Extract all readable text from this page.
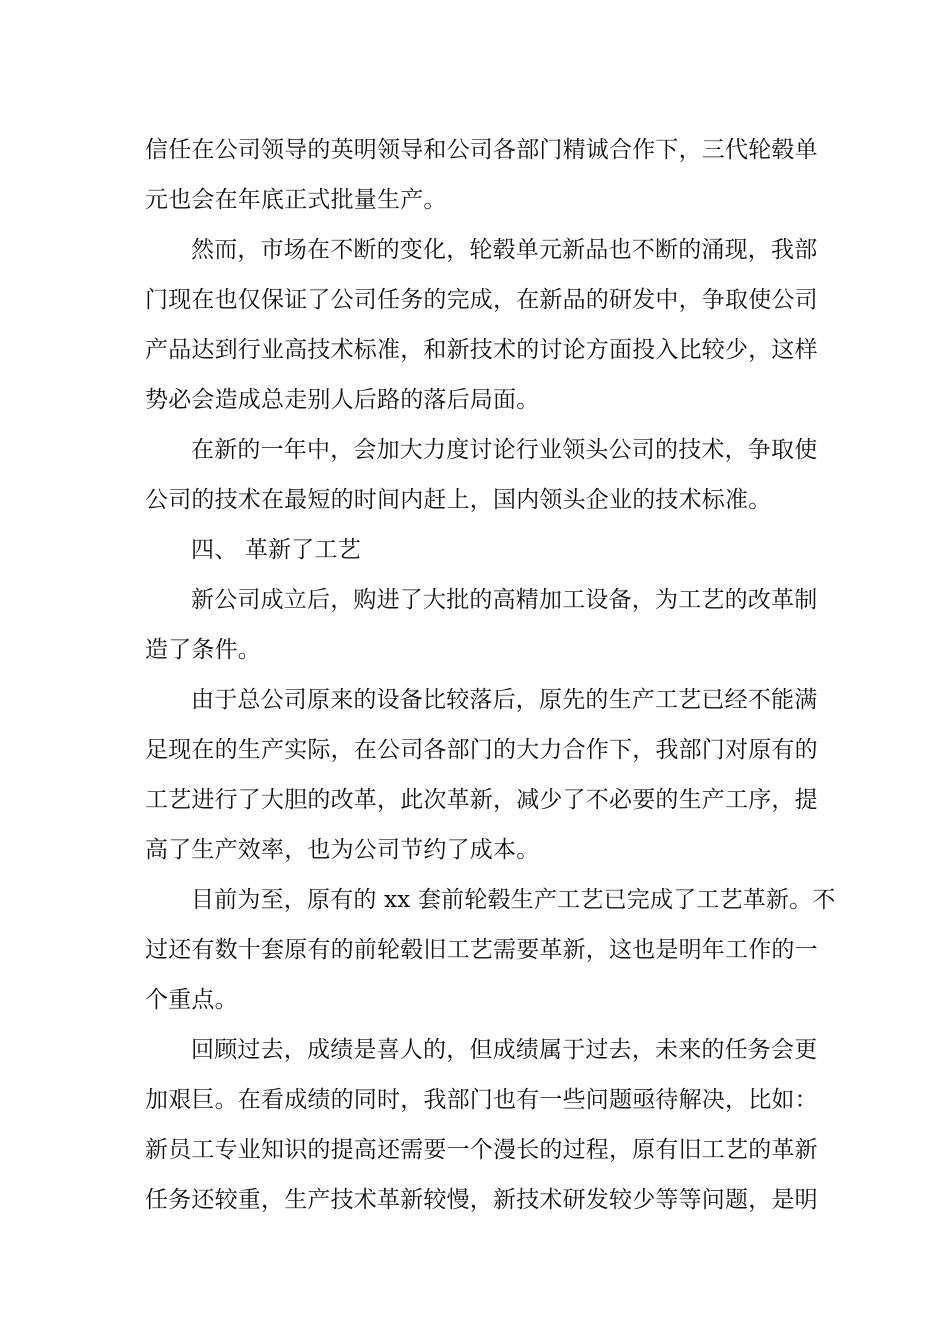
信任在公司领导的英明领导和公司各部门精诚合作下，三代轮毂单
元也会在年底正式批量生产。
然而，市场在不断的变化，轮毂单元新品也不断的涌现，我部
门现在也仅保证了公司任务的完成，在新品的研发中，争取使公司
产品达到行业高技术标准，和新技术的讨论方面投入比较少，这样
势必会造成总走别人后路的落后局面。
在新的一年中，会加大力度讨论行业领头公司的技术，争取使
公司的技术在最短的时间内赶上，国内领头企业的技术标准。
四、 革新了工艺
新公司成立后，购进了大批的高精加工设备，为工艺的改革制
造了条件。
由于总公司原来的设备比较落后，原先的生产工艺已经不能满
足现在的生产实际，在公司各部门的大力合作下，我部门对原有的
工艺进行了大胆的改革，此次革新，减少了不必要的生产工序，提
高了生产效率，也为公司节约了成本。
目前为至，原有的 xx 套前轮毂生产工艺已完成了工艺革新。不
过还有数十套原有的前轮毂旧工艺需要革新，这也是明年工作的一
个重点。
回顾过去，成绩是喜人的，但成绩属于过去，未来的任务会更
加艰巨。在看成绩的同时，我部门也有一些问题亟待解决，比如：
新员工专业知识的提高还需要一个漫长的过程，原有旧工艺的革新
任务还较重，生产技术革新较慢，新技术研发较少等等问题，是明
